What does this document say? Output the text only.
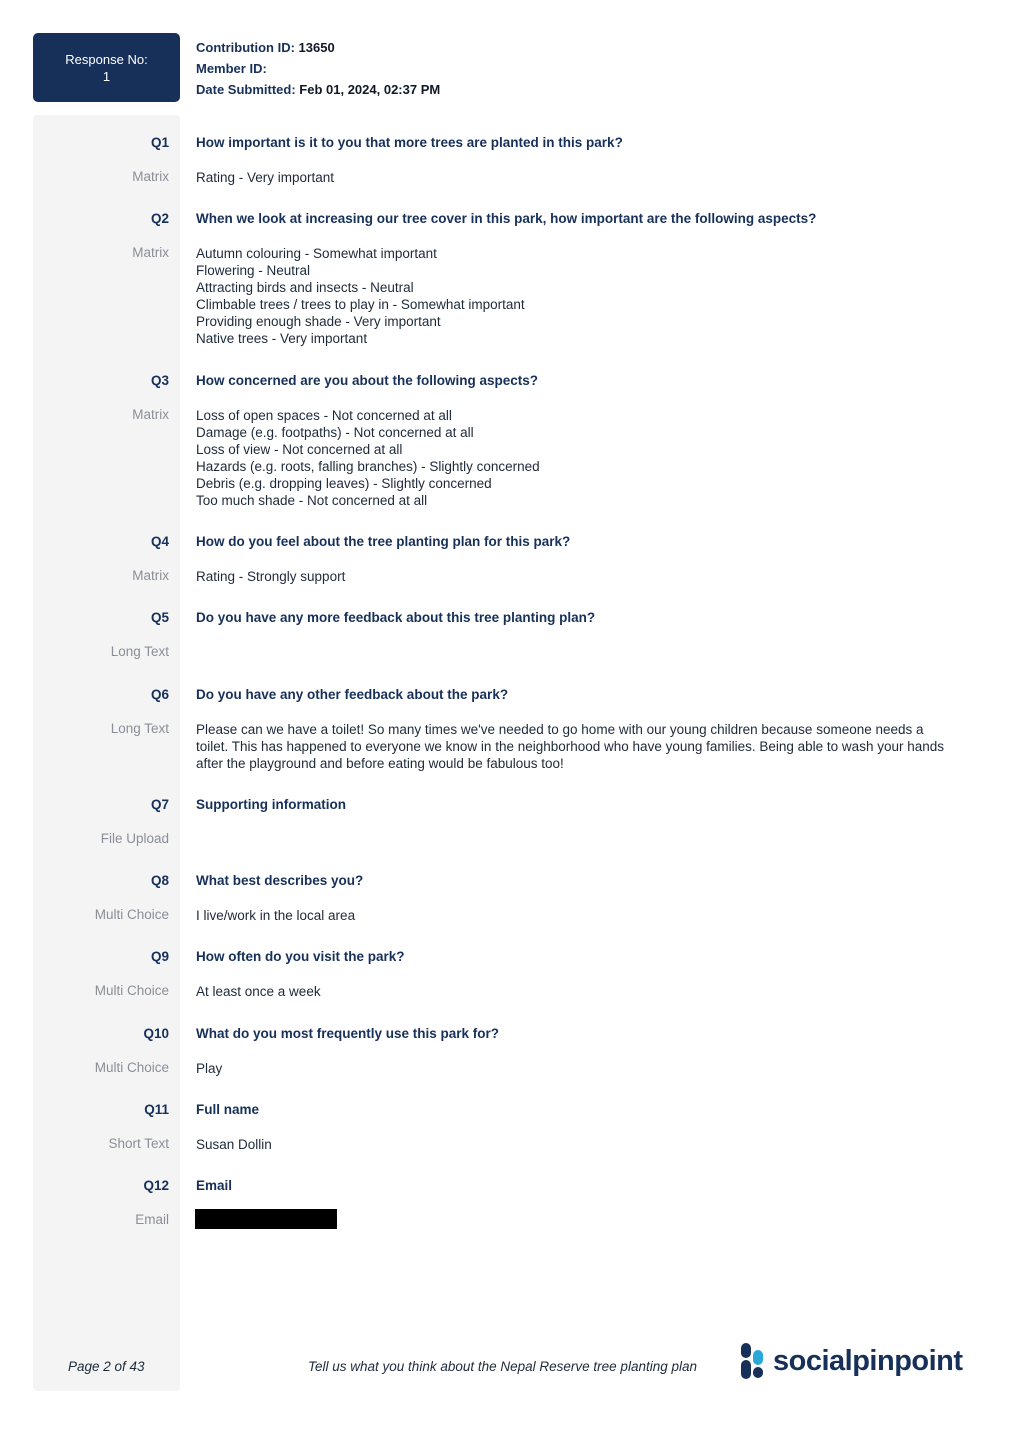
Response No:
1
Contribution ID: 13650
Member ID:
Date Submitted: Feb 01, 2024, 02:37 PM
Q1 How important is it to you that more trees are planted in this park?
Matrix Rating - Very important
Q2 When we look at increasing our tree cover in this park, how important are the following aspects?
Matrix Autumn colouring - Somewhat important
Flowering - Neutral
Attracting birds and insects - Neutral
Climbable trees / trees to play in - Somewhat important
Providing enough shade - Very important
Native trees - Very important
Q3 How concerned are you about the following aspects?
Matrix Loss of open spaces - Not concerned at all
Damage (e.g. footpaths) - Not concerned at all
Loss of view - Not concerned at all
Hazards (e.g. roots, falling branches) - Slightly concerned
Debris (e.g. dropping leaves) - Slightly concerned
Too much shade - Not concerned at all
Q4 How do you feel about the tree planting plan for this park?
Matrix Rating - Strongly support
Q5 Do you have any more feedback about this tree planting plan?
Long Text
Q6 Do you have any other feedback about the park?
Long Text Please can we have a toilet! So many times we've needed to go home with our young children because someone needs a toilet. This has happened to everyone we know in the neighborhood who have young families. Being able to wash your hands after the playground and before eating would be fabulous too!
Q7 Supporting information
File Upload
Q8 What best describes you?
Multi Choice I live/work in the local area
Q9 How often do you visit the park?
Multi Choice At least once a week
Q10 What do you most frequently use this park for?
Multi Choice Play
Q11 Full name
Short Text Susan Dollin
Q12 Email
Email
Page 2 of 43	Tell us what you think about the Nepal Reserve tree planting plan	socialpinpoint
